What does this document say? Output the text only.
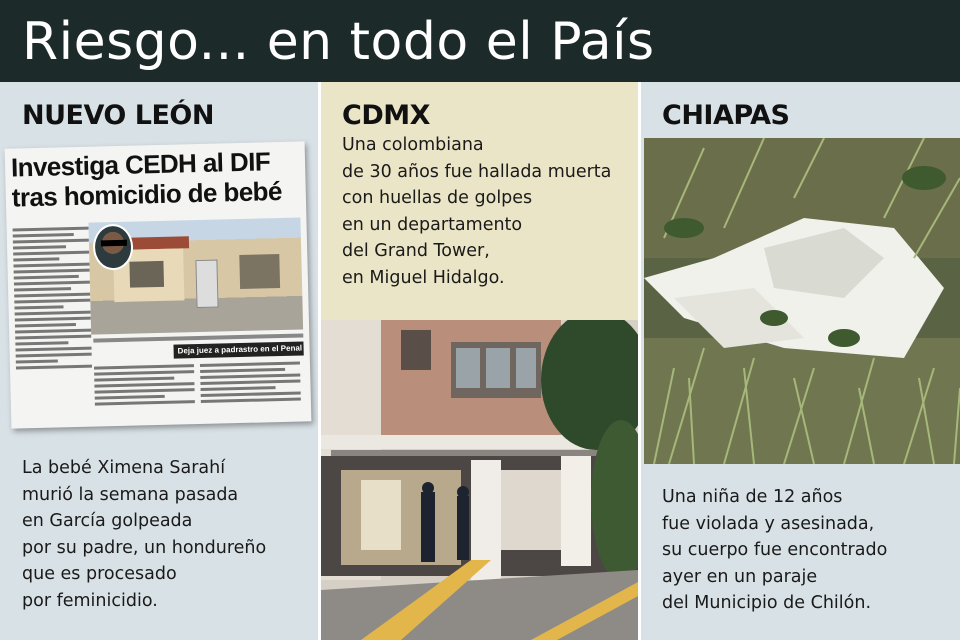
Riesgo... en todo el País
NUEVO LEÓN
Investiga CEDH al DIF
tras homicidio de bebé
Deja juez a padrastro en el Penal
La bebé Ximena Sarahí
murió la semana pasada
en García golpeada
por su padre, un hondureño
que es procesado
por feminicidio.
CDMX
Una colombiana
de 30 años fue hallada muerta
con huellas de golpes
en un departamento
del Grand Tower,
en Miguel Hidalgo.
CHIAPAS
Una niña de 12 años
fue violada y asesinada,
su cuerpo fue encontrado
ayer en un paraje
del Municipio de Chilón.
